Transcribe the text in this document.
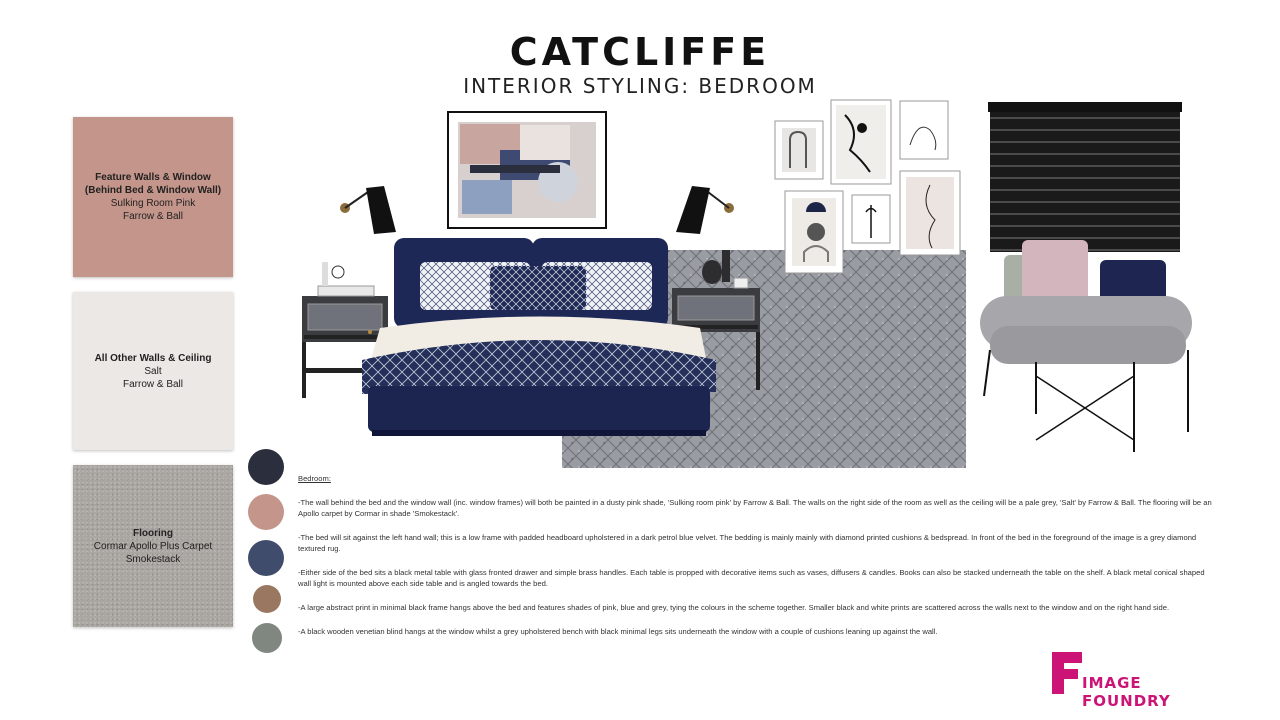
CATCLIFFE
INTERIOR STYLING: BEDROOM
Feature Walls & Window
(Behind Bed & Window Wall)
Sulking Room Pink
Farrow & Ball
All Other Walls & Ceiling
Salt
Farrow & Ball
Flooring
Cormar Apollo Plus Carpet
Smokestack

Bedroom:

-The wall behind the bed and the window wall (inc. window frames) will both be painted in a dusty pink shade, 'Sulking room pink' by Farrow & Ball. The walls on the right side of the room as well as the ceiling will be a pale grey, 'Salt' by Farrow & Ball. The flooring will be an Apollo carpet by Cormar in shade 'Smokestack'.

-The bed will sit against the left hand wall; this is a low frame with padded headboard upholstered in a dark petrol blue velvet. The bedding is mainly mainly with diamond printed cushions & bedspread. In front of the bed in the foreground of the image is a grey diamond textured rug.

-Either side of the bed sits a black metal table with glass fronted drawer and simple brass handles. Each table is propped with decorative items such as vases, diffusers & candles. Books can also be stacked underneath the table on the shelf. A black metal conical shaped wall light is mounted above each side table and is angled towards the bed.

-A large abstract print in minimal black frame hangs above the bed and features shades of pink, blue and grey, tying the colours in the scheme together. Smaller black and white prints are scattered across the walls next to the window and on the right hand side.

-A black wooden venetian blind hangs at the window whilst a grey upholstered bench with black minimal legs sits underneath the window with a couple of cushions leaning up against the wall.

IMAGE FOUNDRY
